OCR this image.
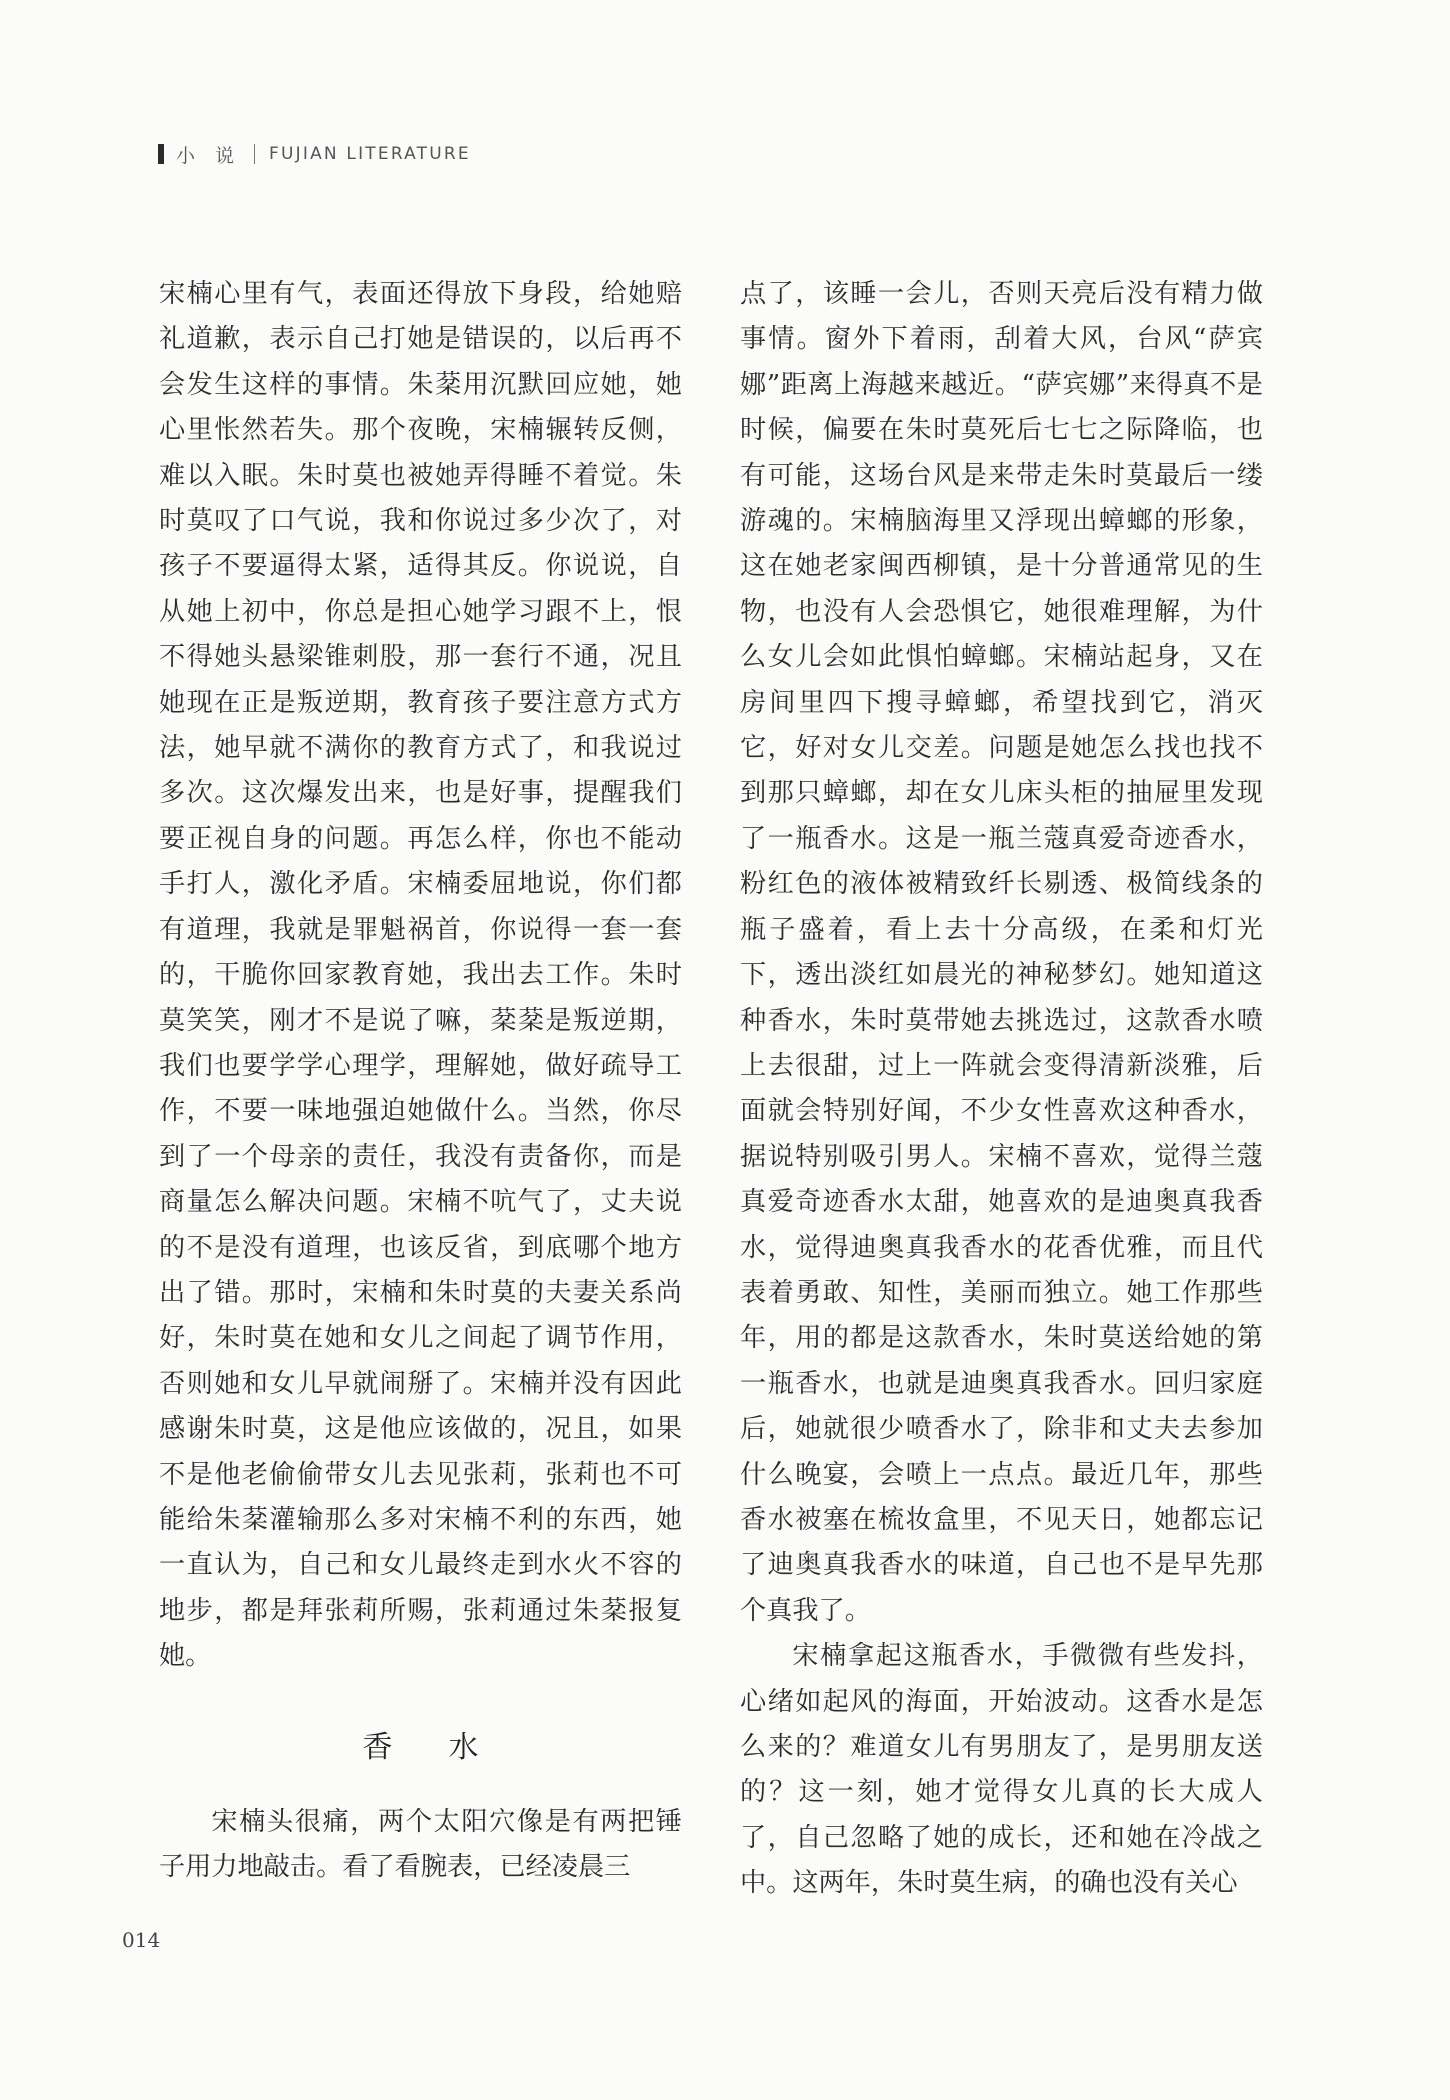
小说 FUJIAN LITERATURE

宋楠心里有气，表面还得放下身段，给她赔礼道歉，表示自己打她是错误的，以后再不会发生这样的事情。朱棻用沉默回应她，她心里怅然若失。那个夜晚，宋楠辗转反侧，难以入眠。朱时莫也被她弄得睡不着觉。朱时莫叹了口气说，我和你说过多少次了，对孩子不要逼得太紧，适得其反。你说说，自从她上初中，你总是担心她学习跟不上，恨不得她头悬梁锥刺股，那一套行不通，况且她现在正是叛逆期，教育孩子要注意方式方法，她早就不满你的教育方式了，和我说过多次。这次爆发出来，也是好事，提醒我们要正视自身的问题。再怎么样，你也不能动手打人，激化矛盾。宋楠委屈地说，你们都有道理，我就是罪魁祸首，你说得一套一套的，干脆你回家教育她，我出去工作。朱时莫笑笑，刚才不是说了嘛，棻棻是叛逆期，我们也要学学心理学，理解她，做好疏导工作，不要一味地强迫她做什么。当然，你尽到了一个母亲的责任，我没有责备你，而是商量怎么解决问题。宋楠不吭气了，丈夫说的不是没有道理，也该反省，到底哪个地方出了错。那时，宋楠和朱时莫的夫妻关系尚好，朱时莫在她和女儿之间起了调节作用，否则她和女儿早就闹掰了。宋楠并没有因此感谢朱时莫，这是他应该做的，况且，如果不是他老偷偷带女儿去见张莉，张莉也不可能给朱棻灌输那么多对宋楠不利的东西，她一直认为，自己和女儿最终走到水火不容的地步，都是拜张莉所赐，张莉通过朱棻报复她。

香水

宋楠头很痛，两个太阳穴像是有两把锤子用力地敲击。看了看腕表，已经凌晨三

点了，该睡一会儿，否则天亮后没有精力做事情。窗外下着雨，刮着大风，台风“萨宾娜”距离上海越来越近。“萨宾娜”来得真不是时候，偏要在朱时莫死后七七之际降临，也有可能，这场台风是来带走朱时莫最后一缕游魂的。宋楠脑海里又浮现出蟑螂的形象，这在她老家闽西柳镇，是十分普通常见的生物，也没有人会恐惧它，她很难理解，为什么女儿会如此惧怕蟑螂。宋楠站起身，又在房间里四下搜寻蟑螂，希望找到它，消灭它，好对女儿交差。问题是她怎么找也找不到那只蟑螂，却在女儿床头柜的抽屉里发现了一瓶香水。这是一瓶兰蔻真爱奇迹香水，粉红色的液体被精致纤长剔透、极简线条的瓶子盛着，看上去十分高级，在柔和灯光下，透出淡红如晨光的神秘梦幻。她知道这种香水，朱时莫带她去挑选过，这款香水喷上去很甜，过上一阵就会变得清新淡雅，后面就会特别好闻，不少女性喜欢这种香水，据说特别吸引男人。宋楠不喜欢，觉得兰蔻真爱奇迹香水太甜，她喜欢的是迪奥真我香水，觉得迪奥真我香水的花香优雅，而且代表着勇敢、知性，美丽而独立。她工作那些年，用的都是这款香水，朱时莫送给她的第一瓶香水，也就是迪奥真我香水。回归家庭后，她就很少喷香水了，除非和丈夫去参加什么晚宴，会喷上一点点。最近几年，那些香水被塞在梳妆盒里，不见天日，她都忘记了迪奥真我香水的味道，自己也不是早先那个真我了。

宋楠拿起这瓶香水，手微微有些发抖，心绪如起风的海面，开始波动。这香水是怎么来的？难道女儿有男朋友了，是男朋友送的？这一刻，她才觉得女儿真的长大成人了，自己忽略了她的成长，还和她在冷战之中。这两年，朱时莫生病，的确也没有关心

014
